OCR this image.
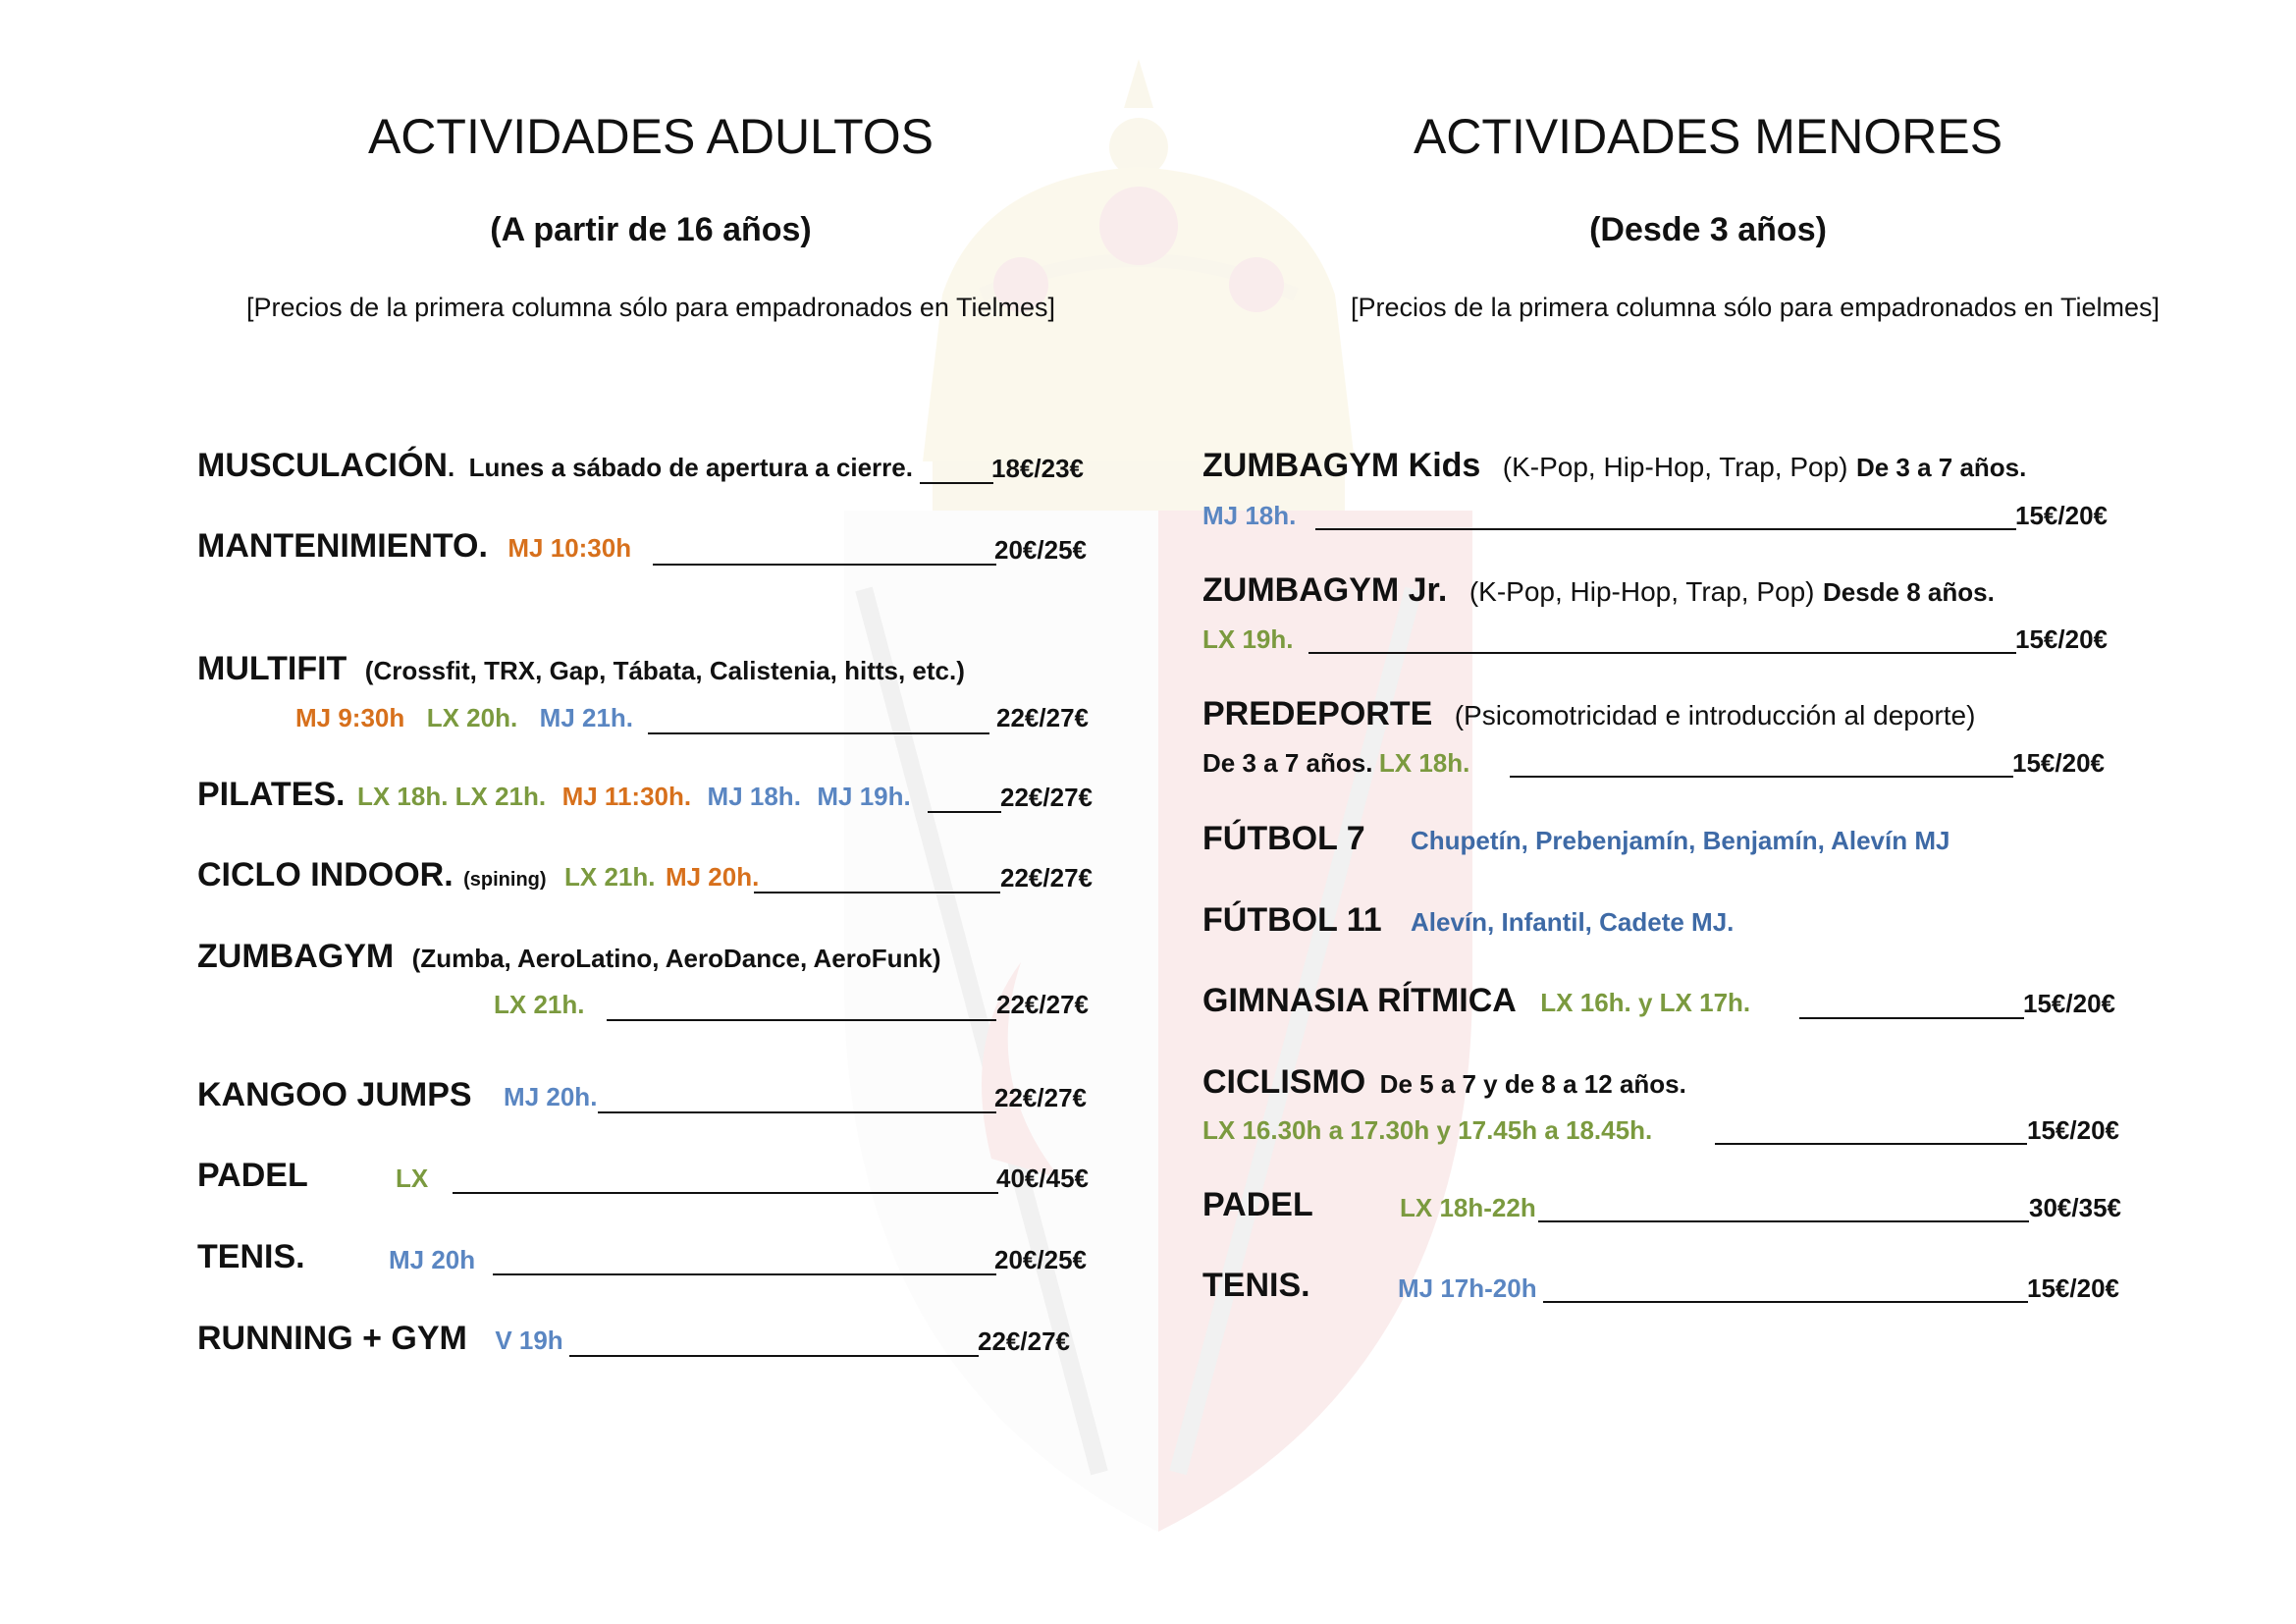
ACTIVIDADES ADULTOS
(A partir de 16 años)
[Precios de la primera columna sólo para empadronados en Tielmes]
ACTIVIDADES MENORES
(Desde 3 años)
[Precios de la primera columna sólo para empadronados en Tielmes]
MUSCULACIÓN. Lunes a sábado de apertura a cierre.	18€/23€
MANTENIMIENTO. MJ 10:30h	20€/25€
MULTIFIT (Crossfit, TRX, Gap, Tábata, Calistenia, hitts, etc.)
MJ 9:30h LX 20h. MJ 21h.	22€/27€
PILATES. LX 18h. LX 21h. MJ 11:30h. MJ 18h. MJ 19h.	22€/27€
CICLO INDOOR. (spining) LX 21h. MJ 20h.	22€/27€
ZUMBAGYM (Zumba, AeroLatino, AeroDance, AeroFunk)
LX 21h.	22€/27€
KANGOO JUMPS MJ 20h.	22€/27€
PADEL	LX	40€/45€
TENIS.	MJ 20h	20€/25€
RUNNING + GYM V 19h	22€/27€
ZUMBAGYM Kids (K-Pop, Hip-Hop, Trap, Pop) De 3 a 7 años.
MJ 18h.	15€/20€
ZUMBAGYM Jr. (K-Pop, Hip-Hop, Trap, Pop) Desde 8 años.
LX 19h.	15€/20€
PREDEPORTE (Psicomotricidad e introducción al deporte)
De 3 a 7 años. LX 18h.	15€/20€
FÚTBOL 7 Chupetín, Prebenjamín, Benjamín, Alevín MJ
FÚTBOL 11 Alevín, Infantil, Cadete MJ.
GIMNASIA RÍTMICA LX 16h. y LX 17h.	15€/20€
CICLISMO De 5 a 7 y de 8 a 12 años.
LX 16.30h a 17.30h y 17.45h a 18.45h.	15€/20€
PADEL	LX 18h-22h	30€/35€
TENIS.	MJ 17h-20h	15€/20€
